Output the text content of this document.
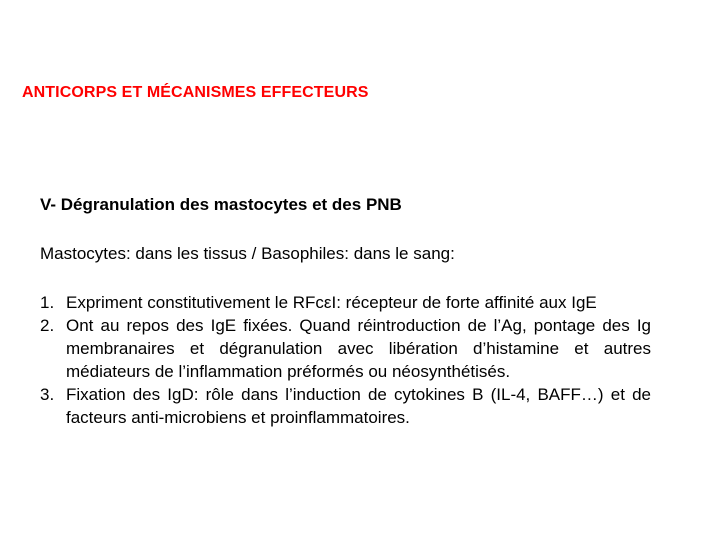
ANTICORPS ET MÉCANISMES EFFECTEURS
V- Dégranulation des mastocytes et des PNB
Mastocytes: dans les tissus / Basophiles: dans le sang:
1. Expriment constitutivement le RFcεI: récepteur de forte affinité aux IgE
2. Ont au repos des IgE fixées. Quand réintroduction de l’Ag, pontage des Ig membranaires et dégranulation avec libération d’histamine et autres médiateurs de l’inflammation préformés ou néosynthétisés.
3. Fixation des IgD: rôle dans l’induction de cytokines B (IL-4, BAFF…) et de facteurs anti-microbiens et proinflammatoires.
